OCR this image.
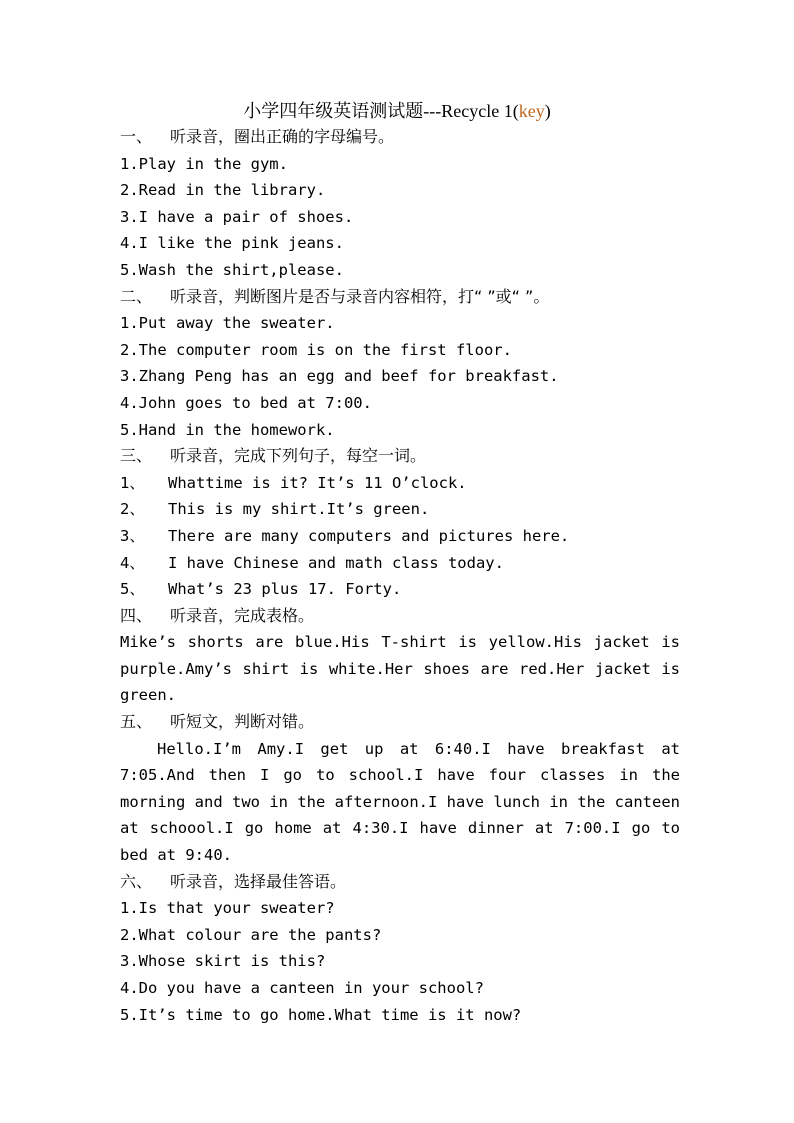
小学四年级英语测试题---Recycle 1(key)
一、 听录音，圈出正确的字母编号。
1.Play in the gym.
2.Read in the library.
3.I have a pair of shoes.
4.I like the pink jeans.
5.Wash the shirt,please.
二、 听录音，判断图片是否与录音内容相符，打“ ”或“ ”。
1.Put away the sweater.
2.The computer room is on the first floor.
3.Zhang Peng has an egg and beef for breakfast.
4.John goes to bed at 7:00.
5.Hand in the homework.
三、 听录音，完成下列句子，每空一词。
1、 Whattime is it? It’s 11 O’clock.
2、 This is my shirt.It’s green.
3、 There are many computers and pictures here.
4、 I have Chinese and math class today.
5、 What’s 23 plus 17. Forty.
四、 听录音，完成表格。
Mike’s shorts are blue.His T-shirt is yellow.His jacket is purple.Amy’s shirt is white.Her shoes are red.Her jacket is green.
五、 听短文，判断对错。
Hello.I’m Amy.I get up at 6:40.I have breakfast at 7:05.And then I go to school.I have four classes in the morning and two in the afternoon.I have lunch in the canteen at schoool.I go home at 4:30.I have dinner at 7:00.I go to bed at 9:40.
六、 听录音，选择最佳答语。
1.Is that your sweater?
2.What colour are the pants?
3.Whose skirt is this?
4.Do you have a canteen in your school?
5.It’s time to go home.What time is it now?
